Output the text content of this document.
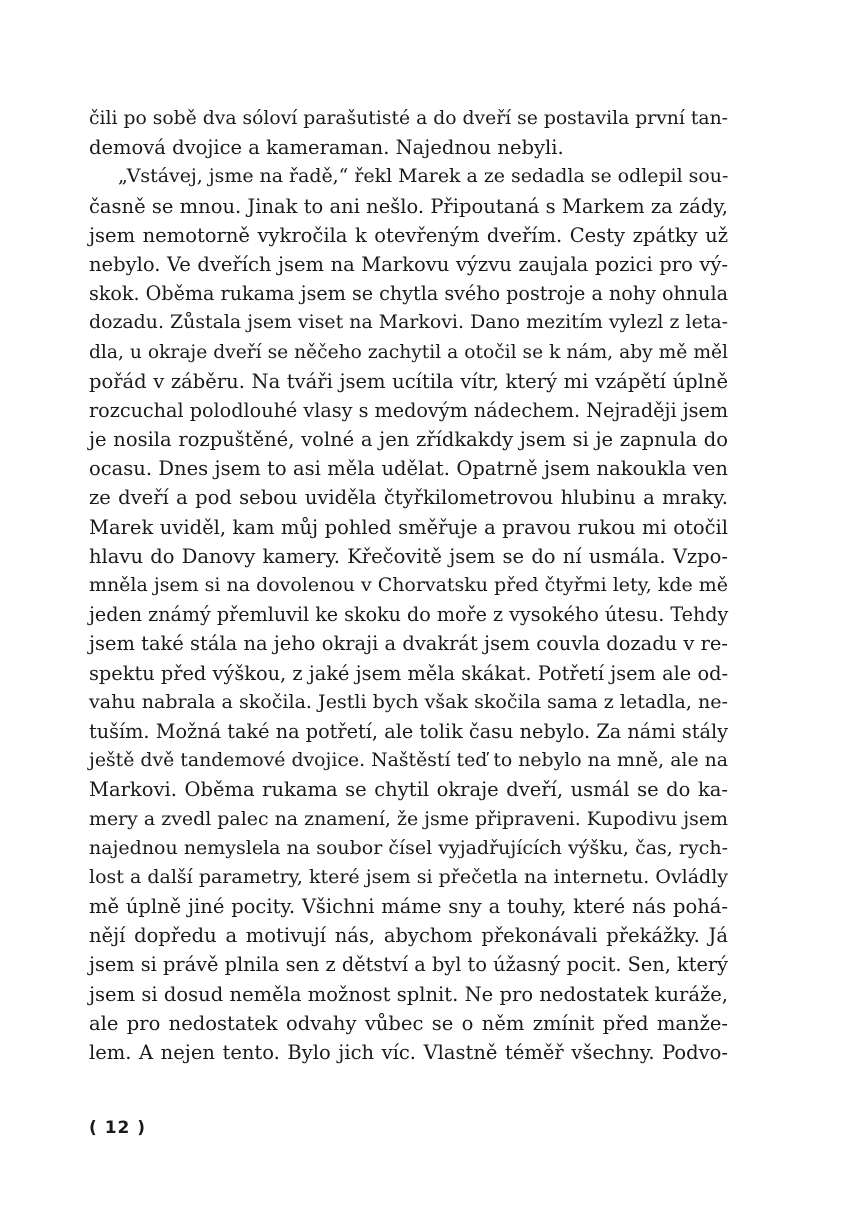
čili po sobě dva sóloví parašutisté a do dveří se postavila první tan-
demová dvojice a kameraman. Najednou nebyli.
„Vstávej, jsme na řadě,“ řekl Marek a ze sedadla se odlepil sou-
časně se mnou. Jinak to ani nešlo. Připoutaná s Markem za zády,
jsem nemotorně vykročila k otevřeným dveřím. Cesty zpátky už
nebylo. Ve dveřích jsem na Markovu výzvu zaujala pozici pro vý-
skok. Oběma rukama jsem se chytla svého postroje a nohy ohnula
dozadu. Zůstala jsem viset na Markovi. Dano mezitím vylezl z leta-
dla, u okraje dveří se něčeho zachytil a otočil se k nám, aby mě měl
pořád v záběru. Na tváři jsem ucítila vítr, který mi vzápětí úplně
rozcuchal polodlouhé vlasy s medovým nádechem. Nejraději jsem
je nosila rozpuštěné, volné a jen zřídkakdy jsem si je zapnula do
ocasu. Dnes jsem to asi měla udělat. Opatrně jsem nakoukla ven
ze dveří a pod sebou uviděla čtyřkilometrovou hlubinu a mraky.
Marek uviděl, kam můj pohled směřuje a pravou rukou mi otočil
hlavu do Danovy kamery. Křečovitě jsem se do ní usmála. Vzpo-
mněla jsem si na dovolenou v Chorvatsku před čtyřmi lety, kde mě
jeden známý přemluvil ke skoku do moře z vysokého útesu. Tehdy
jsem také stála na jeho okraji a dvakrát jsem couvla dozadu v re-
spektu před výškou, z jaké jsem měla skákat. Potřetí jsem ale od-
vahu nabrala a skočila. Jestli bych však skočila sama z letadla, ne-
tuším. Možná také na potřetí, ale tolik času nebylo. Za námi stály
ještě dvě tandemové dvojice. Naštěstí teď to nebylo na mně, ale na
Markovi. Oběma rukama se chytil okraje dveří, usmál se do ka-
mery a zvedl palec na znamení, že jsme připraveni. Kupodivu jsem
najednou nemyslela na soubor čísel vyjadřujících výšku, čas, rych-
lost a další parametry, které jsem si přečetla na internetu. Ovládly
mě úplně jiné pocity. Všichni máme sny a touhy, které nás pohá-
nějí dopředu a motivují nás, abychom překonávali překážky. Já
jsem si právě plnila sen z dětství a byl to úžasný pocit. Sen, který
jsem si dosud neměla možnost splnit. Ne pro nedostatek kuráže,
ale pro nedostatek odvahy vůbec se o něm zmínit před manže-
lem. A nejen tento. Bylo jich víc. Vlastně téměř všechny. Podvo-
( 12 )
